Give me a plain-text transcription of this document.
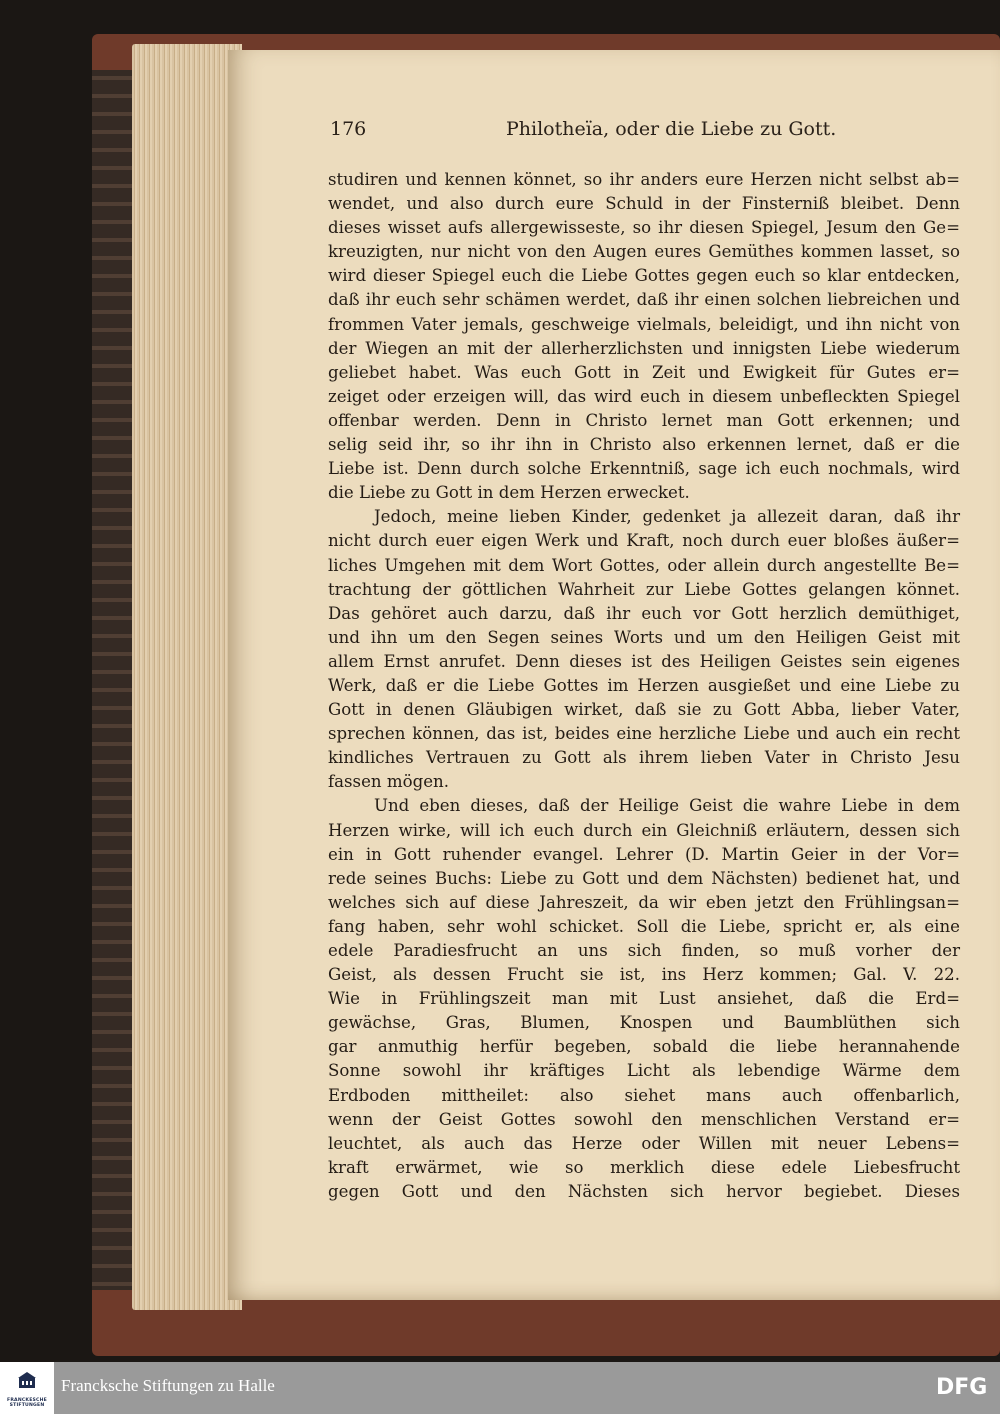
176	Philotheïa, oder die Liebe zu Gott.
studiren und kennen könnet, so ihr anders eure Herzen nicht selbst ab=
wendet, und also durch eure Schuld in der Finsterniß bleibet. Denn
dieses wisset aufs allergewisseste, so ihr diesen Spiegel, Jesum den Ge=
kreuzigten, nur nicht von den Augen eures Gemüthes kommen lasset, so
wird dieser Spiegel euch die Liebe Gottes gegen euch so klar entdecken,
daß ihr euch sehr schämen werdet, daß ihr einen solchen liebreichen und
frommen Vater jemals, geschweige vielmals, beleidigt, und ihn nicht von
der Wiegen an mit der allerherzlichsten und innigsten Liebe wiederum
geliebet habet. Was euch Gott in Zeit und Ewigkeit für Gutes er=
zeiget oder erzeigen will, das wird euch in diesem unbefleckten Spiegel
offenbar werden. Denn in Christo lernet man Gott erkennen; und
selig seid ihr, so ihr ihn in Christo also erkennen lernet, daß er die
Liebe ist. Denn durch solche Erkenntniß, sage ich euch nochmals, wird
die Liebe zu Gott in dem Herzen erwecket.
Jedoch, meine lieben Kinder, gedenket ja allezeit daran, daß ihr
nicht durch euer eigen Werk und Kraft, noch durch euer bloßes äußer=
liches Umgehen mit dem Wort Gottes, oder allein durch angestellte Be=
trachtung der göttlichen Wahrheit zur Liebe Gottes gelangen könnet.
Das gehöret auch darzu, daß ihr euch vor Gott herzlich demüthiget,
und ihn um den Segen seines Worts und um den Heiligen Geist mit
allem Ernst anrufet. Denn dieses ist des Heiligen Geistes sein eigenes
Werk, daß er die Liebe Gottes im Herzen ausgießet und eine Liebe zu
Gott in denen Gläubigen wirket, daß sie zu Gott Abba, lieber Vater,
sprechen können, das ist, beides eine herzliche Liebe und auch ein recht
kindliches Vertrauen zu Gott als ihrem lieben Vater in Christo Jesu
fassen mögen.
Und eben dieses, daß der Heilige Geist die wahre Liebe in dem
Herzen wirke, will ich euch durch ein Gleichniß erläutern, dessen sich
ein in Gott ruhender evangel. Lehrer (D. Martin Geier in der Vor=
rede seines Buchs: Liebe zu Gott und dem Nächsten) bedienet hat, und
welches sich auf diese Jahreszeit, da wir eben jetzt den Frühlingsan=
fang haben, sehr wohl schicket. Soll die Liebe, spricht er, als eine
edele Paradiesfrucht an uns sich finden, so muß vorher der
Geist, als dessen Frucht sie ist, ins Herz kommen; Gal. V. 22.
Wie in Frühlingszeit man mit Lust ansiehet, daß die Erd=
gewächse, Gras, Blumen, Knospen und Baumblüthen sich
gar anmuthig herfür begeben, sobald die liebe herannahende
Sonne sowohl ihr kräftiges Licht als lebendige Wärme dem
Erdboden mittheilet: also siehet mans auch offenbarlich,
wenn der Geist Gottes sowohl den menschlichen Verstand er=
leuchtet, als auch das Herze oder Willen mit neuer Lebens=
kraft erwärmet, wie so merklich diese edele Liebesfrucht
gegen Gott und den Nächsten sich hervor begiebet. Dieses
FRANCKESCHE
STIFTUNGEN
Francksche Stiftungen zu Halle	DFG
